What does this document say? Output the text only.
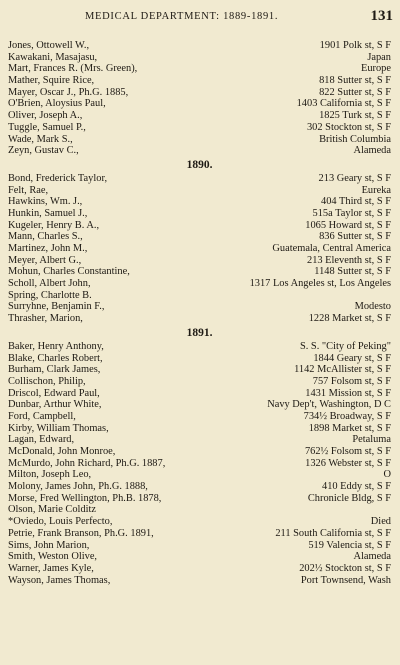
MEDICAL DEPARTMENT: 1889-1891.	131
Jones, Ottowell W.,	1901 Polk st, S F
Kawakani, Masajasu,	Japan
Mart, Frances R. (Mrs. Green),	Europe
Mather, Squire Rice,	818 Sutter st, S F
Mayer, Oscar J., Ph.G. 1885,	822 Sutter st, S F
O'Brien, Aloysius Paul,	1403 California st, S F
Oliver, Joseph A.,	1825 Turk st, S F
Tuggle, Samuel P.,	302 Stockton st, S F
Wade, Mark S.,	British Columbia
Zeyn, Gustav C.,	Alameda
1890.
Bond, Frederick Taylor,	213 Geary st, S F
Felt, Rae,	Eureka
Hawkins, Wm. J.,	404 Third st, S F
Hunkin, Samuel J.,	515a Taylor st, S F
Kugeler, Henry B. A.,	1065 Howard st, S F
Mann, Charles S.,	836 Sutter st, S F
Martinez, John M.,	Guatemala, Central America
Meyer, Albert G.,	213 Eleventh st, S F
Mohun, Charles Constantine,	1148 Sutter st, S F
Scholl, Albert John,	1317 Los Angeles st, Los Angeles
Spring, Charlotte B.
Surryhne, Benjamin F.,	Modesto
Thrasher, Marion,	1228 Market st, S F
1891.
Baker, Henry Anthony,	S. S. "City of Peking"
Blake, Charles Robert,	1844 Geary st, S F
Burham, Clark James,	1142 McAllister st, S F
Collischon, Philip,	757 Folsom st, S F
Driscol, Edward Paul,	1431 Mission st, S F
Dunbar, Arthur White,	Navy Dep't, Washington, D C
Ford, Campbell,	734½ Broadway, S F
Kirby, William Thomas,	1898 Market st, S F
Lagan, Edward,	Petaluma
McDonald, John Monroe,	762½ Folsom st, S F
McMurdo, John Richard, Ph.G. 1887,	1326 Webster st, S F
Milton, Joseph Leo,	O
Molony, James John, Ph.G. 1888,	410 Eddy st, S F
Morse, Fred Wellington, Ph.B. 1878,	Chronicle Bldg, S F
Olson, Marie Colditz
*Oviedo, Louis Perfecto,	Died
Petrie, Frank Branson, Ph.G. 1891,	211 South California st, S F
Sims, John Marion,	519 Valencia st, S F
Smith, Weston Olive,	Alameda
Warner, James Kyle,	202½ Stockton st, S F
Wayson, James Thomas,	Port Townsend, Wash
